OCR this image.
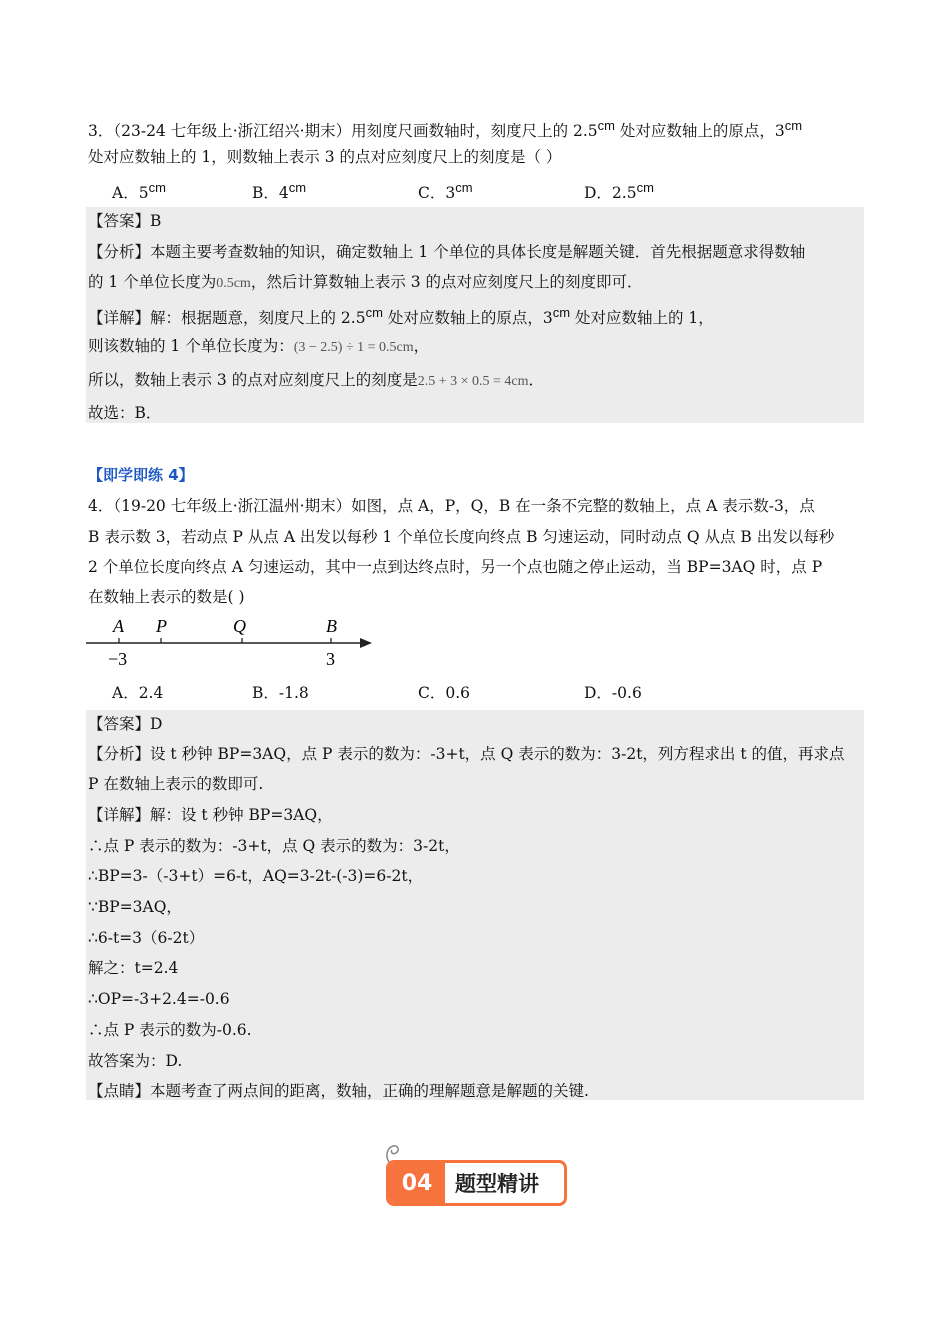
3．（23-24 七年级上·浙江绍兴·期末）用刻度尺画数轴时，刻度尺上的 $2.5^{cm}$ 处对应数轴上的原点，$3^{cm}$
处对应数轴上的 1，则数轴上表示 3 的点对应刻度尺上的刻度是（ ）
A．$5^{cm}$	B．$4^{cm}$	C．$3^{cm}$	D．$2.5^{cm}$
【答案】B
【分析】本题主要考查数轴的知识，确定数轴上 1 个单位的具体长度是解题关键．首先根据题意求得数轴
的 1 个单位长度为0.5cm，然后计算数轴上表示 3 的点对应刻度尺上的刻度即可．
【详解】解：根据题意，刻度尺上的 $2.5^{cm}$ 处对应数轴上的原点，$3^{cm}$ 处对应数轴上的 1，
则该数轴的 1 个单位长度为：(3 − 2.5) ÷ 1 = 0.5cm，
所以，数轴上表示 3 的点对应刻度尺上的刻度是2.5 + 3 × 0.5 = 4cm．
故选：B．
【即学即练 4】
4．（19-20 七年级上·浙江温州·期末）如图，点 A，P，Q，B 在一条不完整的数轴上，点 A 表示数-3，点
B 表示数 3，若动点 P 从点 A 出发以每秒 1 个单位长度向终点 B 匀速运动，同时动点 Q 从点 B 出发以每秒
2 个单位长度向终点 A 匀速运动，其中一点到达终点时，另一个点也随之停止运动，当 BP=3AQ 时，点 P
在数轴上表示的数是( )
A P	Q	B
−3	3
A．2.4	B．-1.8	C．0.6	D．-0.6
【答案】D
【分析】设 t 秒钟 BP=3AQ，点 P 表示的数为：-3+t，点 Q 表示的数为：3-2t，列方程求出 t 的值，再求点
P 在数轴上表示的数即可.
【详解】解：设 t 秒钟 BP=3AQ，
∴点 P 表示的数为：-3+t，点 Q 表示的数为：3-2t，
∴BP=3-（-3+t）=6-t，AQ=3-2t-(-3)=6-2t，
∵BP=3AQ，
∴6-t=3（6-2t）
解之：t=2.4
∴OP=-3+2.4=-0.6
∴点 P 表示的数为-0.6.
故答案为：D.
【点睛】本题考查了两点间的距离，数轴，正确的理解题意是解题的关键.
04	题型精讲
